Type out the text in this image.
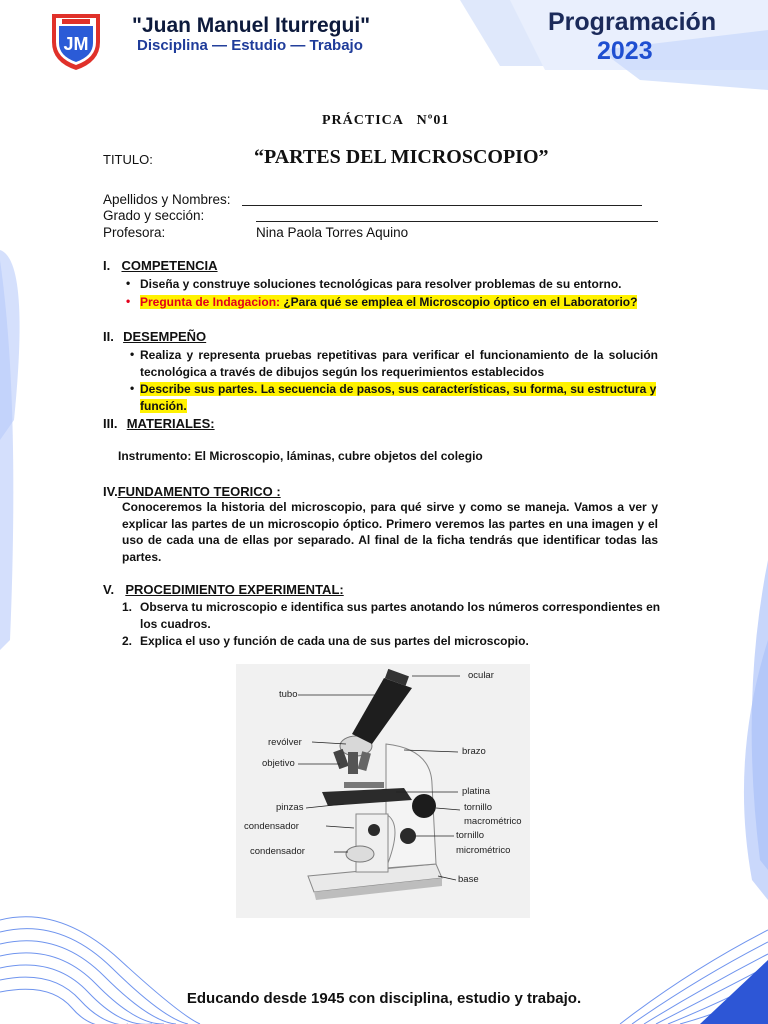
JM
"Juan Manuel Iturregui"
Disciplina — Estudio — Trabajo
Programación
2023
PRÁCTICA   Nº01
TITULO:	“PARTES DEL MICROSCOPIO”
Apellidos y Nombres:
Grado y sección:
Profesora:	Nina Paola Torres Aquino
I. COMPETENCIA
• Diseña y construye soluciones tecnológicas para resolver problemas de su entorno.
• Pregunta de Indagacion: ¿Para qué se emplea el Microscopio óptico en el Laboratorio?
II. DESEMPEÑO
• Realiza y representa pruebas repetitivas para verificar el funcionamiento de la solución tecnológica a través de dibujos según los requerimientos establecidos
• Describe sus partes. La secuencia de pasos, sus características, su forma, su estructura y función.
III. MATERIALES:
Instrumento: El Microscopio, láminas, cubre objetos del colegio
IV.FUNDAMENTO TEORICO :
Conoceremos la historia del microscopio, para qué sirve y como se maneja. Vamos a ver y explicar las partes de un microscopio óptico. Primero veremos las partes en una imagen y el uso de cada una de ellas por separado. Al final de la ficha tendrás que identificar todas las partes.
V. PROCEDIMIENTO EXPERIMENTAL:
1. Observa tu microscopio e identifica sus partes anotando los números correspondientes en los cuadros.
2. Explica el uso y función de cada una de sus partes del microscopio.
ocular
tubo
revólver
brazo
objetivo
platina
pinzas	tornillo
macrométrico
condensador
tornillo
micrométrico
condensador
base
Educando desde 1945 con disciplina, estudio y trabajo.
